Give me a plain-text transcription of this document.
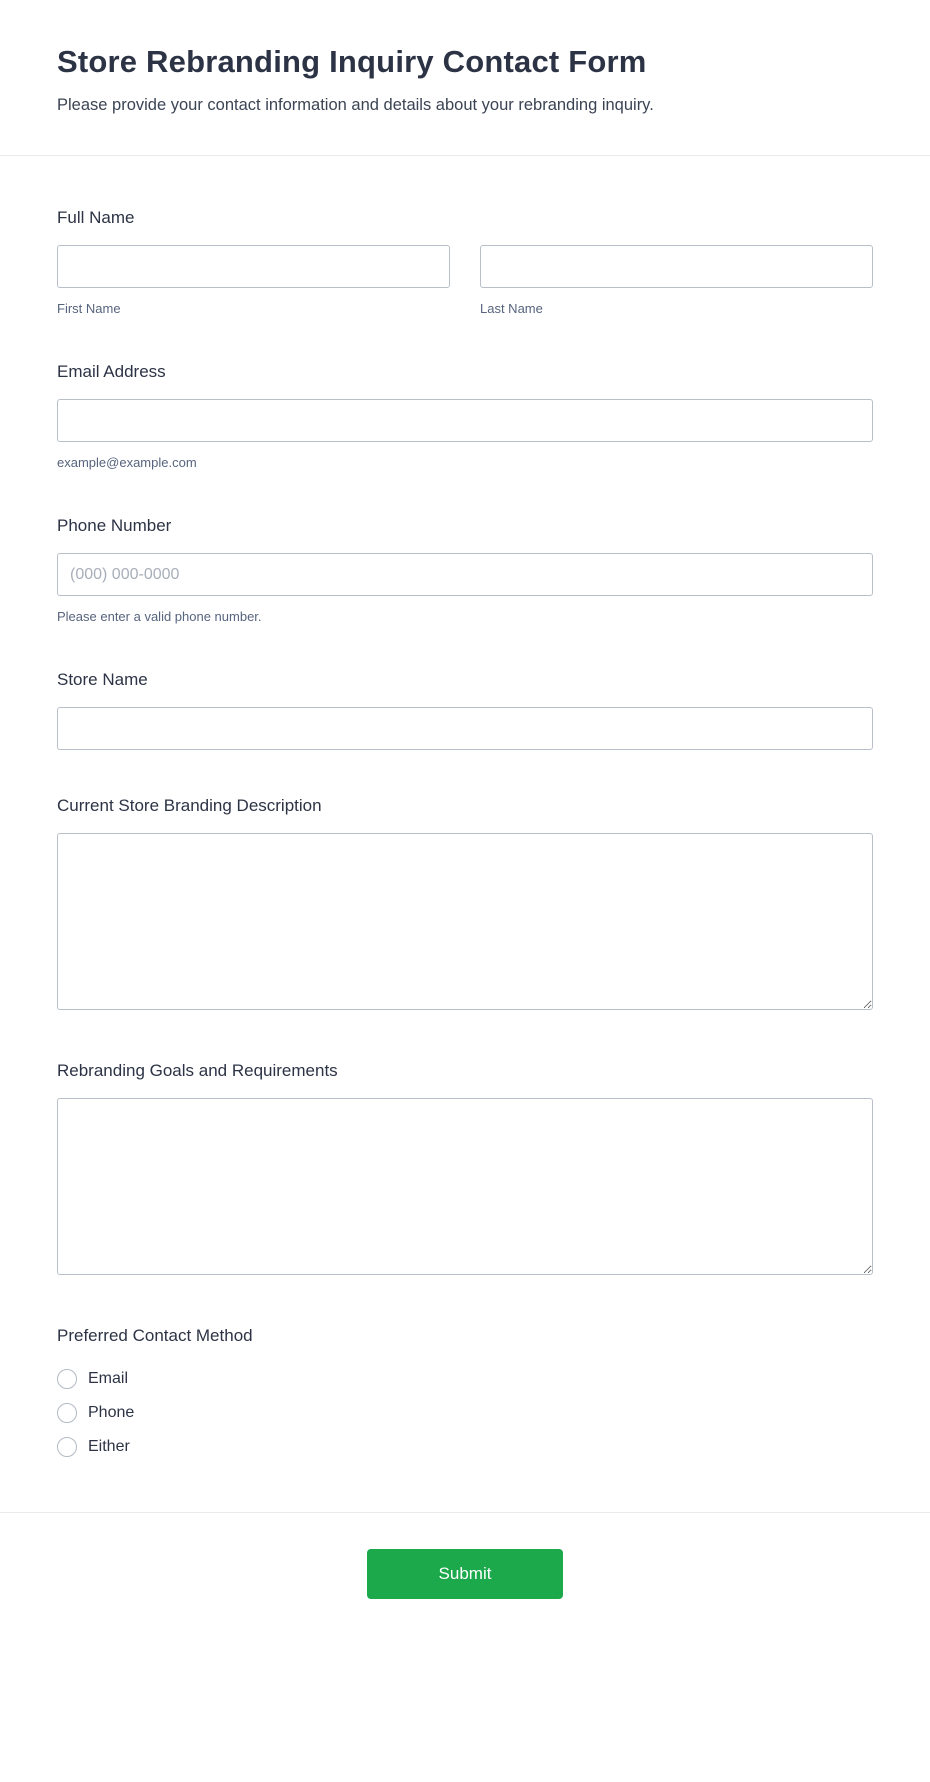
Store Rebranding Inquiry Contact Form

Please provide your contact information and details about your rebranding inquiry.

Full Name
First Name	Last Name
Email Address
example@example.com
Phone Number
(000) 000-0000
Please enter a valid phone number.
Store Name
Current Store Branding Description
Rebranding Goals and Requirements
Preferred Contact Method
Email
Phone
Either
Submit
